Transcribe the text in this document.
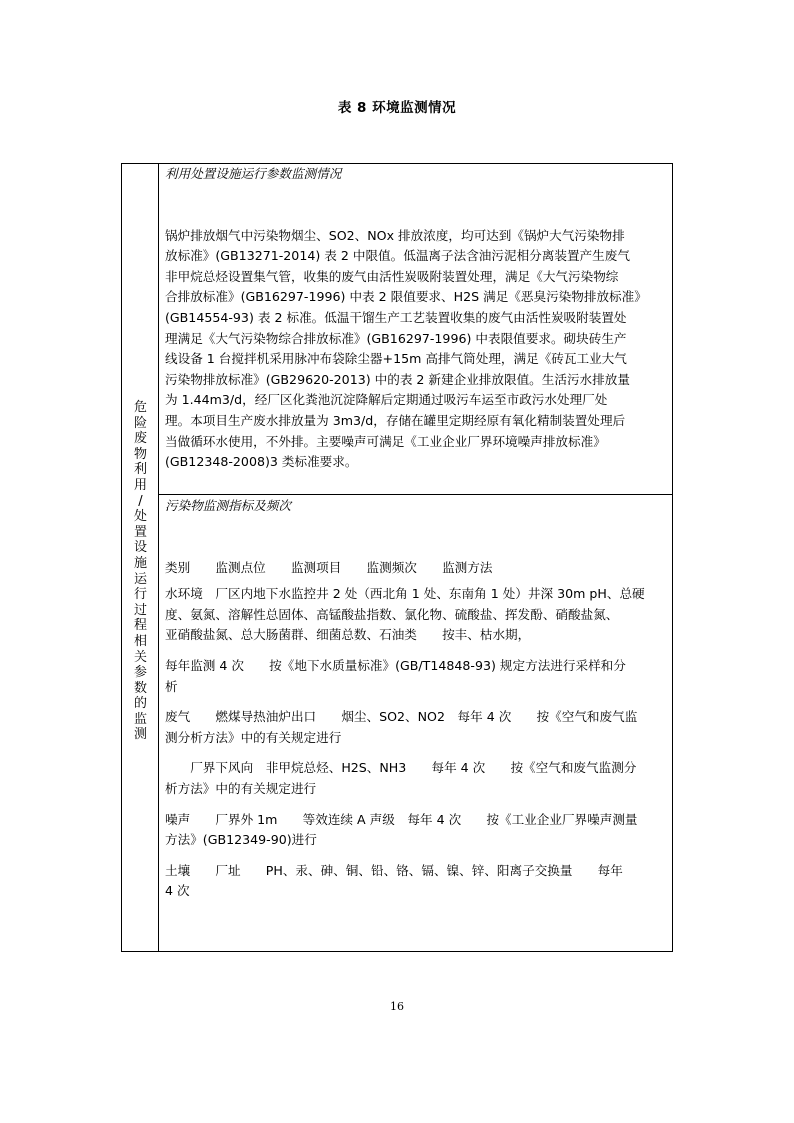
表 8 环境监测情况
危
险
废
物
利
用
/
处
置
设
施
运
行
过
程
相
关
参
数
的
监
测

利用处置设施运行参数监测情况

锅炉排放烟气中污染物烟尘、SO2、NOx 排放浓度，均可达到《锅炉大气污染物排

放标准》(GB13271-2014) 表 2 中限值。低温离子法含油污泥相分离装置产生废气

非甲烷总烃设置集气管，收集的废气由活性炭吸附装置处理，满足《大气污染物综

合排放标准》(GB16297-1996) 中表 2 限值要求、H2S 满足《恶臭污染物排放标准》

(GB14554-93) 表 2 标准。低温干馏生产工艺装置收集的废气由活性炭吸附装置处

理满足《大气污染物综合排放标准》(GB16297-1996) 中表限值要求。砌块砖生产

线设备 1 台搅拌机采用脉冲布袋除尘器+15m 高排气筒处理，满足《砖瓦工业大气

污染物排放标准》(GB29620-2013) 中的表 2 新建企业排放限值。生活污水排放量

为 1.44m3/d，经厂区化粪池沉淀降解后定期通过吸污车运至市政污水处理厂处

理。本项目生产废水排放量为 3m3/d，存储在罐里定期经原有氧化精制装置处理后

当做循环水使用，不外排。主要噪声可满足《工业企业厂界环境噪声排放标准》

(GB12348-2008)3 类标准要求。

污染物监测指标及频次

类别　　监测点位　　监测项目　　监测频次　　监测方法

水环境　厂区内地下水监控井 2 处（西北角 1 处、东南角 1 处）井深 30m pH、总硬

度、氨氮、溶解性总固体、高锰酸盐指数、氯化物、硫酸盐、挥发酚、硝酸盐氮、

亚硝酸盐氮、总大肠菌群、细菌总数、石油类　　按丰、枯水期，

每年监测 4 次　　按《地下水质量标准》(GB/T14848-93) 规定方法进行采样和分

析

废气　　燃煤导热油炉出口　　烟尘、SO2、NO2　每年 4 次　　按《空气和废气监

测分析方法》中的有关规定进行

　　厂界下风向　非甲烷总烃、H2S、NH3　　每年 4 次　　按《空气和废气监测分

析方法》中的有关规定进行

噪声　　厂界外 1m　　等效连续 A 声级　每年 4 次　　按《工业企业厂界噪声测量

方法》(GB12349-90)进行

土壤　　厂址　　PH、汞、砷、铜、铅、铬、镉、镍、锌、阳离子交换量　　每年

4 次

16
